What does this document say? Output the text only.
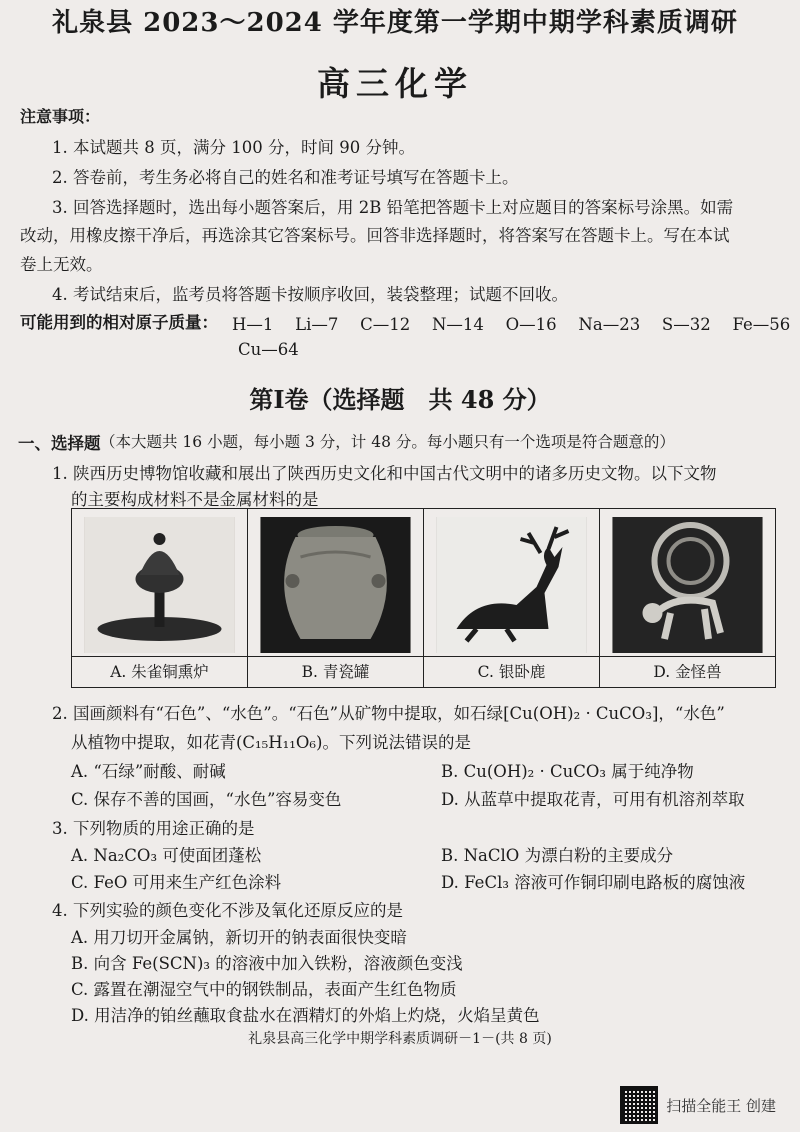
礼泉县 2023～2024 学年度第一学期中期学科素质调研
高三化学
注意事项：
1. 本试题共 8 页，满分 100 分，时间 90 分钟。
2. 答卷前，考生务必将自己的姓名和准考证号填写在答题卡上。
3. 回答选择题时，选出每小题答案后，用 2B 铅笔把答题卡上对应题目的答案标号涂黑。如需
改动，用橡皮擦干净后，再选涂其它答案标号。回答非选择题时，将答案写在答题卡上。写在本试
卷上无效。
4. 考试结束后，监考员将答题卡按顺序收回，装袋整理；试题不回收。
可能用到的相对原子质量： H—1　 Li—7　 C—12　 N—14　 O—16　 Na—23　 S—32　 Fe—56
Cu—64
第Ⅰ卷（选择题　共 48 分）
一、选择题 （本大题共 16 小题，每小题 3 分，计 48 分。每小题只有一个选项是符合题意的）
1. 陕西历史博物馆收藏和展出了陕西历史文化和中国古代文明中的诸多历史文物。以下文物
的主要构成材料不是金属材料的是
A. 朱雀铜熏炉	B. 青瓷罐	C. 银卧鹿	D. 金怪兽
2. 国画颜料有“石色”、“水色”。“石色”从矿物中提取，如石绿[Cu(OH)₂ · CuCO₃]，“水色”
从植物中提取，如花青(C₁₅H₁₁O₆)。下列说法错误的是
A. “石绿”耐酸、耐碱	B. Cu(OH)₂ · CuCO₃ 属于纯净物
C. 保存不善的国画，“水色”容易变色	D. 从蓝草中提取花青，可用有机溶剂萃取
3. 下列物质的用途正确的是
A. Na₂CO₃ 可使面团蓬松	B. NaClO 为漂白粉的主要成分
C. FeO 可用来生产红色涂料	D. FeCl₃ 溶液可作铜印刷电路板的腐蚀液
4. 下列实验的颜色变化不涉及氧化还原反应的是
A. 用刀切开金属钠，新切开的钠表面很快变暗
B. 向含 Fe(SCN)₃ 的溶液中加入铁粉，溶液颜色变浅
C. 露置在潮湿空气中的钢铁制品，表面产生红色物质
D. 用洁净的铂丝蘸取食盐水在酒精灯的外焰上灼烧，火焰呈黄色
礼泉县高三化学中期学科素质调研－1－(共 8 页)
扫描全能王 创建
